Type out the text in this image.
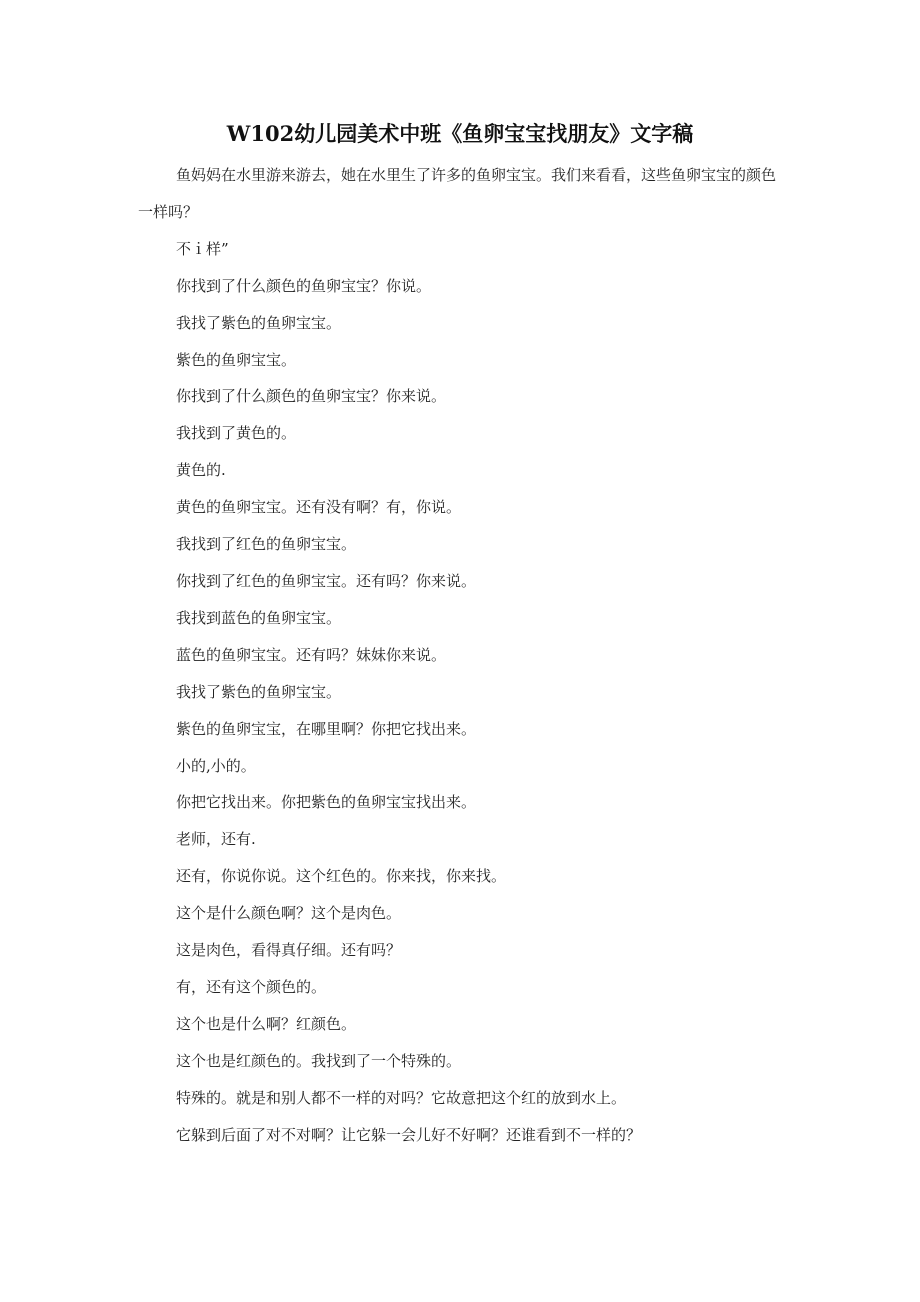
W102幼儿园美术中班《鱼卵宝宝找朋友》文字稿

鱼妈妈在水里游来游去，她在水里生了许多的鱼卵宝宝。我们来看看，这些鱼卵宝宝的颜色一样吗？

不ｉ样”

你找到了什么颜色的鱼卵宝宝？你说。

我找了紫色的鱼卵宝宝。

紫色的鱼卵宝宝。

你找到了什么颜色的鱼卵宝宝？你来说。

我找到了黄色的。

黄色的.

黄色的鱼卵宝宝。还有没有啊？有，你说。

我找到了红色的鱼卵宝宝。

你找到了红色的鱼卵宝宝。还有吗？你来说。

我找到蓝色的鱼卵宝宝。

蓝色的鱼卵宝宝。还有吗？妹妹你来说。

我找了紫色的鱼卵宝宝。

紫色的鱼卵宝宝，在哪里啊？你把它找出来。

小的,小的。

你把它找出来。你把紫色的鱼卵宝宝找出来。

老师，还有.

还有，你说你说。这个红色的。你来找，你来找。

这个是什么颜色啊？这个是肉色。

这是肉色，看得真仔细。还有吗？

有，还有这个颜色的。

这个也是什么啊？红颜色。

这个也是红颜色的。我找到了一个特殊的。

特殊的。就是和别人都不一样的对吗？它故意把这个红的放到水上。

它躲到后面了对不对啊？让它躲一会儿好不好啊？还谁看到不一样的？
